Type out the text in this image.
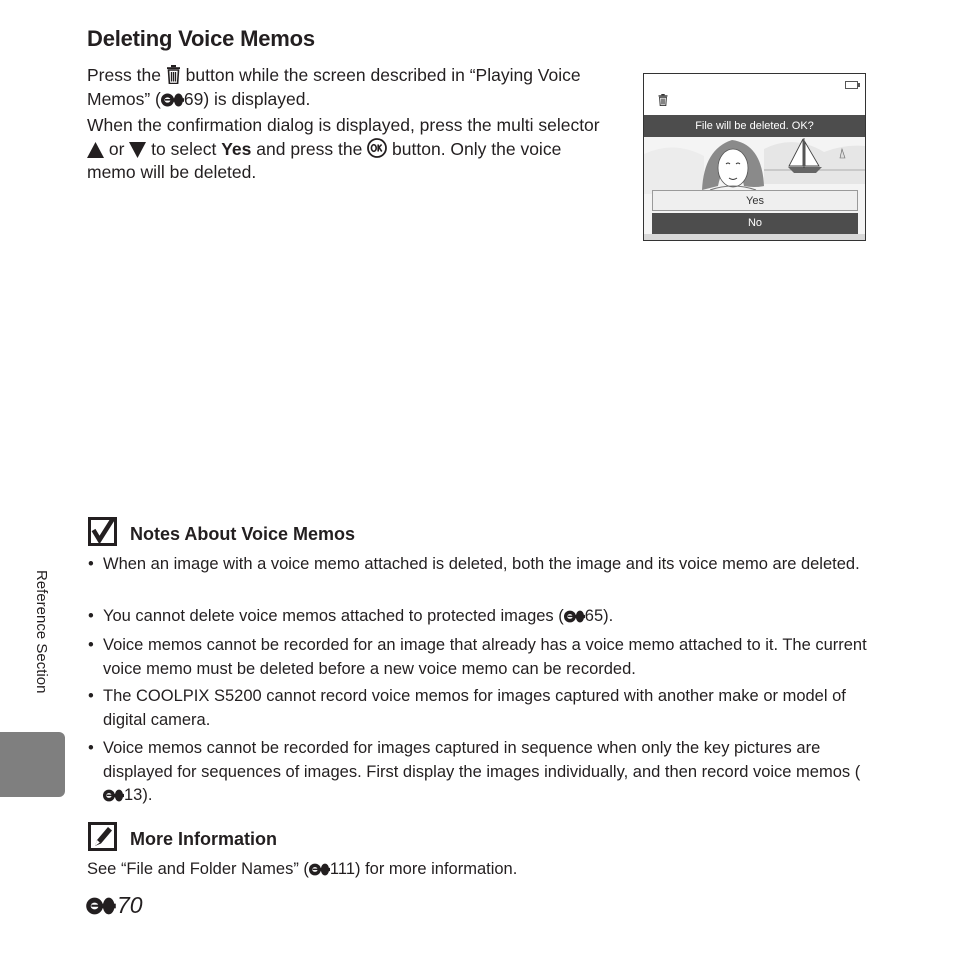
Deleting Voice Memos

Press the  button while the screen described in “Playing Voice Memos” ( 69) is displayed.

When the confirmation dialog is displayed, press the multi selector  or  to select Yes and press the  button. Only the voice memo will be deleted.

File will be deleted. OK?
Yes
No
Notes About Voice Memos
• When an image with a voice memo attached is deleted, both the image and its voice memo are deleted.
• You cannot delete voice memos attached to protected images ( 65).
• Voice memos cannot be recorded for an image that already has a voice memo attached to it. The current voice memo must be deleted before a new voice memo can be recorded.
• The COOLPIX S5200 cannot record voice memos for images captured with another make or model of digital camera.
• Voice memos cannot be recorded for images captured in sequence when only the key pictures are displayed for sequences of images. First display the images individually, and then record voice memos (13).
More Information

See “File and Folder Names” ( 111) for more information.

Reference Section
70
